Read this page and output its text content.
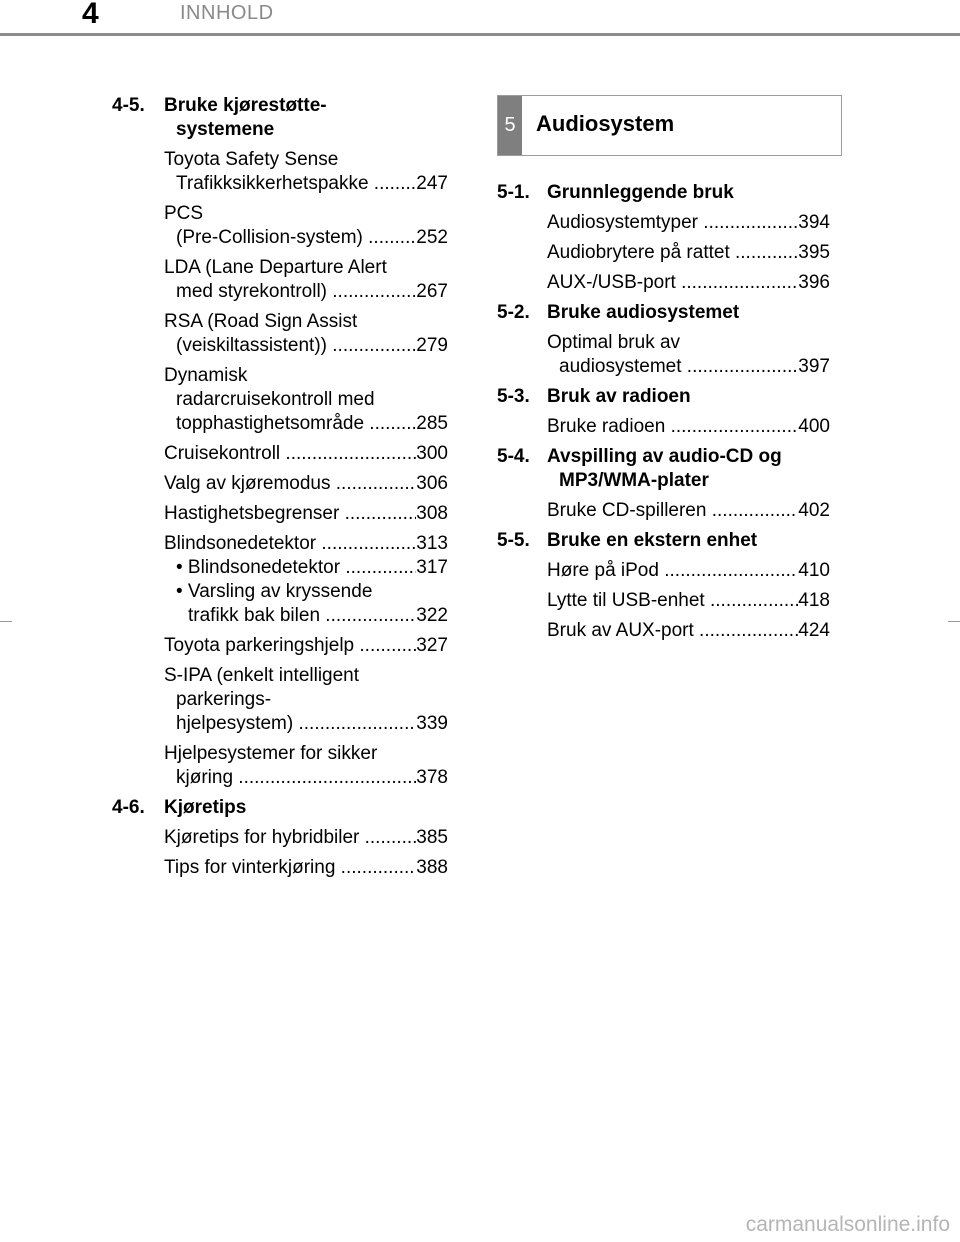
4	INNHOLD
4-5.	Bruke kjørestøtte-
systemene
Toyota Safety Sense
Trafikksikkerhetspakke .....	247
PCS
(Pre-Collision-system) .....	252
LDA (Lane Departure Alert
med styrekontroll) .....	267
RSA (Road Sign Assist
(veiskiltassistent)) .....	279
Dynamisk
radarcruisekontroll med
topphastighetsområde .....	285
Cruisekontroll .....	300
Valg av kjøremodus .....	306
Hastighetsbegrenser .....	308
Blindsonedetektor .....	313
• Blindsonedetektor .....	317
• Varsling av kryssende
trafikk bak bilen .....	322
Toyota parkeringshjelp .....	327
S-IPA (enkelt intelligent
parkerings-
hjelpesystem) .....	339
Hjelpesystemer for sikker
kjøring .....	378
4-6.	Kjøretips
Kjøretips for hybridbiler .....	385
Tips for vinterkjøring .....	388
5 Audiosystem
5-1. Grunnleggende bruk
Audiosystemtyper .....	394
Audiobrytere på rattet .....	395
AUX-/USB-port .....	396
5-2. Bruke audiosystemet
Optimal bruk av
audiosystemet .....	397
5-3. Bruk av radioen
Bruke radioen .....	400
5-4. Avspilling av audio-CD og
MP3/WMA-plater
Bruke CD-spilleren .....	402
5-5. Bruke en ekstern enhet
Høre på iPod .....	410
Lytte til USB-enhet .....	418
Bruk av AUX-port .....	424
carmanualsonline.info
